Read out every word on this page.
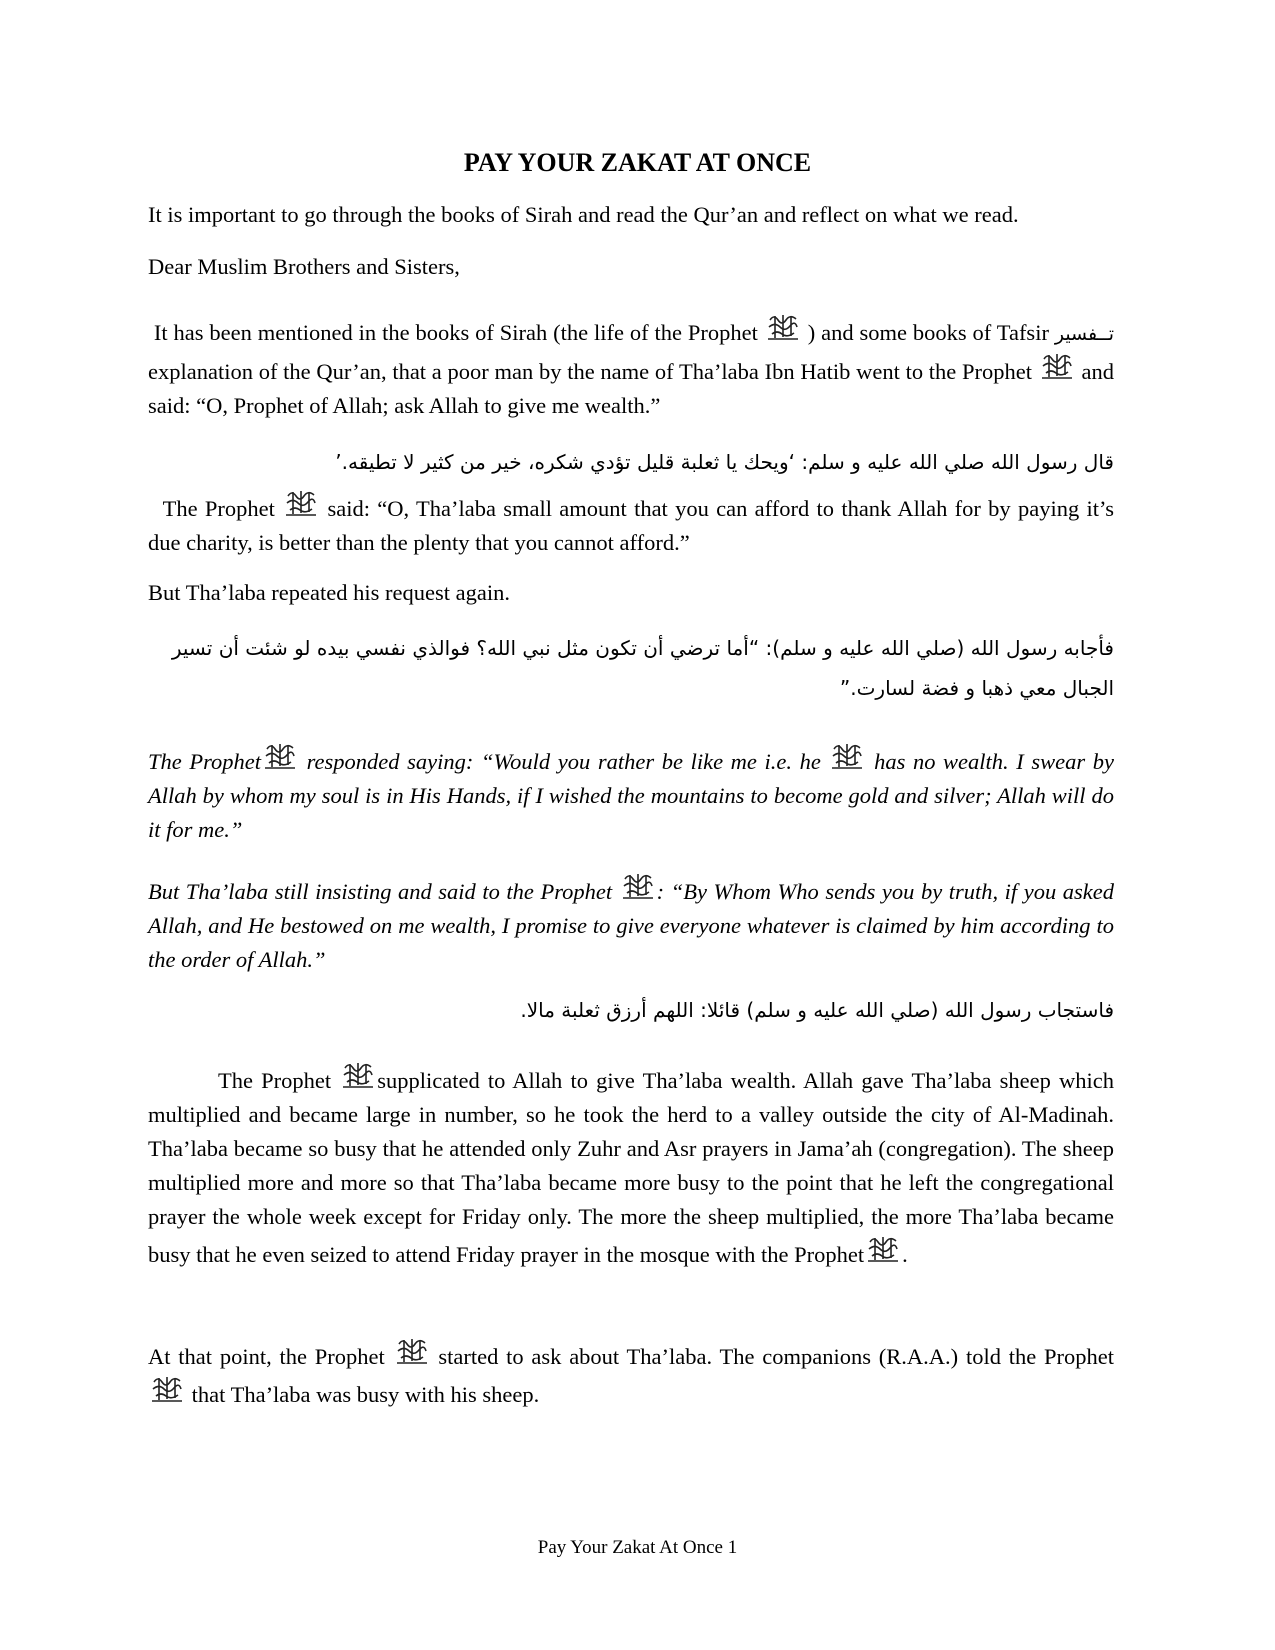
PAY YOUR ZAKAT AT ONCE
It is important to go through the books of Sirah and read the Qur’an and reflect on what we read.
Dear Muslim Brothers and Sisters,
It has been mentioned in the books of Sirah (the life of the Prophet ) and some books of Tafsir تــفسير explanation of the Qur’an, that a poor man by the name of Tha’laba Ibn Hatib went to the Prophet and said: “O, Prophet of Allah; ask Allah to give me wealth.”
قال رسول الله صلي الله عليه و سلم: ‘ويحك يا ثعلبة قليل تؤدي شكره، خير من كثير لا تطيقه.’
The Prophet said: “O, Tha’laba small amount that you can afford to thank Allah for by paying it’s due charity, is better than the plenty that you cannot afford.”
But Tha’laba repeated his request again.
فأجابه رسول الله (صلي الله عليه و سلم): “أما ترضي أن تكون مثل نبي الله؟ فوالذي نفسي بيده لو شئت أن تسير الجبال معي ذهبا و فضة لسارت.”
The Prophet responded saying: “Would you rather be like me i.e. he has no wealth. I swear by Allah by whom my soul is in His Hands, if I wished the mountains to become gold and silver; Allah will do it for me.”
But Tha’laba still insisting and said to the Prophet : “By Whom Who sends you by truth, if you asked Allah, and He bestowed on me wealth, I promise to give everyone whatever is claimed by him according to the order of Allah.”
فاستجاب رسول الله (صلي الله عليه و سلم) قائلا: اللهم أرزق ثعلبة مالا.
The Prophet supplicated to Allah to give Tha’laba wealth. Allah gave Tha’laba sheep which multiplied and became large in number, so he took the herd to a valley outside the city of Al-Madinah. Tha’laba became so busy that he attended only Zuhr and Asr prayers in Jama’ah (congregation). The sheep multiplied more and more so that Tha’laba became more busy to the point that he left the congregational prayer the whole week except for Friday only. The more the sheep multiplied, the more Tha’laba became busy that he even seized to attend Friday prayer in the mosque with the Prophet .
At that point, the Prophet started to ask about Tha’laba. The companions (R.A.A.) told the Prophet
that Tha’laba was busy with his sheep.
Pay Your Zakat At Once 1
